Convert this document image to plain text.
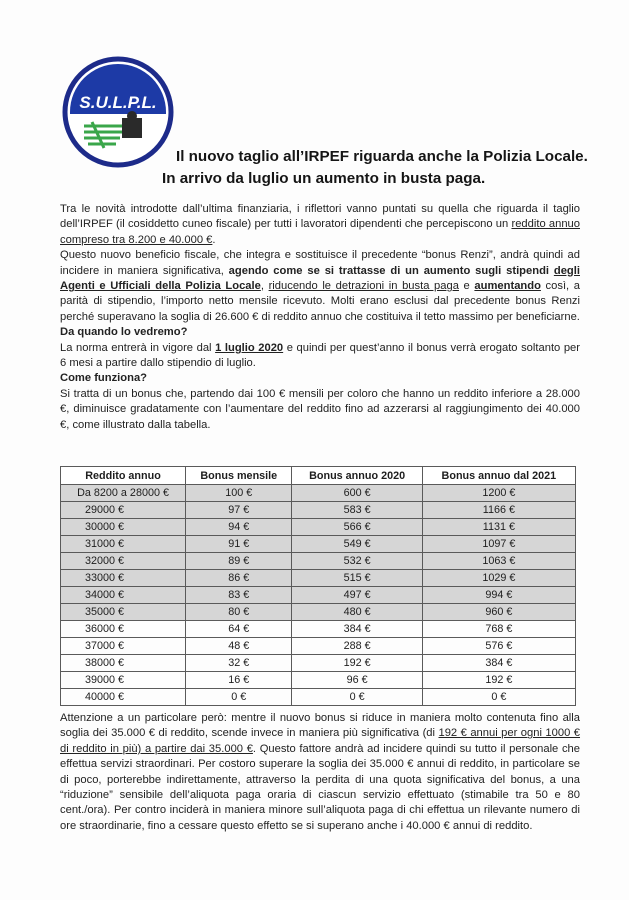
S.U.L.P.L.
Il nuovo taglio all’IRPEF riguarda anche la Polizia Locale.
In arrivo da luglio un aumento in busta paga.

Tra le novità introdotte dall’ultima finanziaria, i riflettori vanno puntati su quella che riguarda il taglio dell’IRPEF (il cosiddetto cuneo fiscale) per tutti i lavoratori dipendenti che percepiscono un reddito annuo compreso tra 8.200 e 40.000 €.

Questo nuovo beneficio fiscale, che integra e sostituisce il precedente “bonus Renzi”, andrà quindi ad incidere in maniera significativa, agendo come se si trattasse di un aumento sugli stipendi degli Agenti e Ufficiali della Polizia Locale, riducendo le detrazioni in busta paga e aumentando così, a parità di stipendio, l’importo netto mensile ricevuto. Molti erano esclusi dal precedente bonus Renzi perché superavano la soglia di 26.600 € di reddito annuo che costituiva il tetto massimo per beneficiarne.

Da quando lo vedremo?

La norma entrerà in vigore dal 1 luglio 2020 e quindi per quest’anno il bonus verrà erogato soltanto per 6 mesi a partire dallo stipendio di luglio.

Come funziona?

Si tratta di un bonus che, partendo dai 100 € mensili per coloro che hanno un reddito inferiore a 28.000 €, diminuisce gradatamente con l’aumentare del reddito fino ad azzerarsi al raggiungimento dei 40.000 €, come illustrato dalla tabella.

Reddito annuo	Bonus mensile	Bonus annuo 2020	Bonus annuo dal 2021
Da 8200 a 28000 €	100 €	600 €	1200 €
29000 €	97 €	583 €	1166 €
30000 €	94 €	566 €	1131 €
31000 €	91 €	549 €	1097 €
32000 €	89 €	532 €	1063 €
33000 €	86 €	515 €	1029 €
34000 €	83 €	497 €	994 €
35000 €	80 €	480 €	960 €
36000 €	64 €	384 €	768 €
37000 €	48 €	288 €	576 €
38000 €	32 €	192 €	384 €
39000 €	16 €	96 €	192 €
40000 €	0 €	0 €	0 €

Attenzione a un particolare però: mentre il nuovo bonus si riduce in maniera molto contenuta fino alla soglia dei 35.000 € di reddito, scende invece in maniera più significativa (di 192 € annui per ogni 1000 € di reddito in più) a partire dai 35.000 €. Questo fattore andrà ad incidere quindi su tutto il personale che effettua servizi straordinari. Per costoro superare la soglia dei 35.000 € annui di reddito, in particolare se di poco, porterebbe indirettamente, attraverso la perdita di una quota significativa del bonus, a una “riduzione” sensibile dell’aliquota paga oraria di ciascun servizio effettuato (stimabile tra 50 e 80 cent./ora). Per contro inciderà in maniera minore sull’aliquota paga di chi effettua un rilevante numero di ore straordinarie, fino a cessare questo effetto se si superano anche i 40.000 € annui di reddito.
